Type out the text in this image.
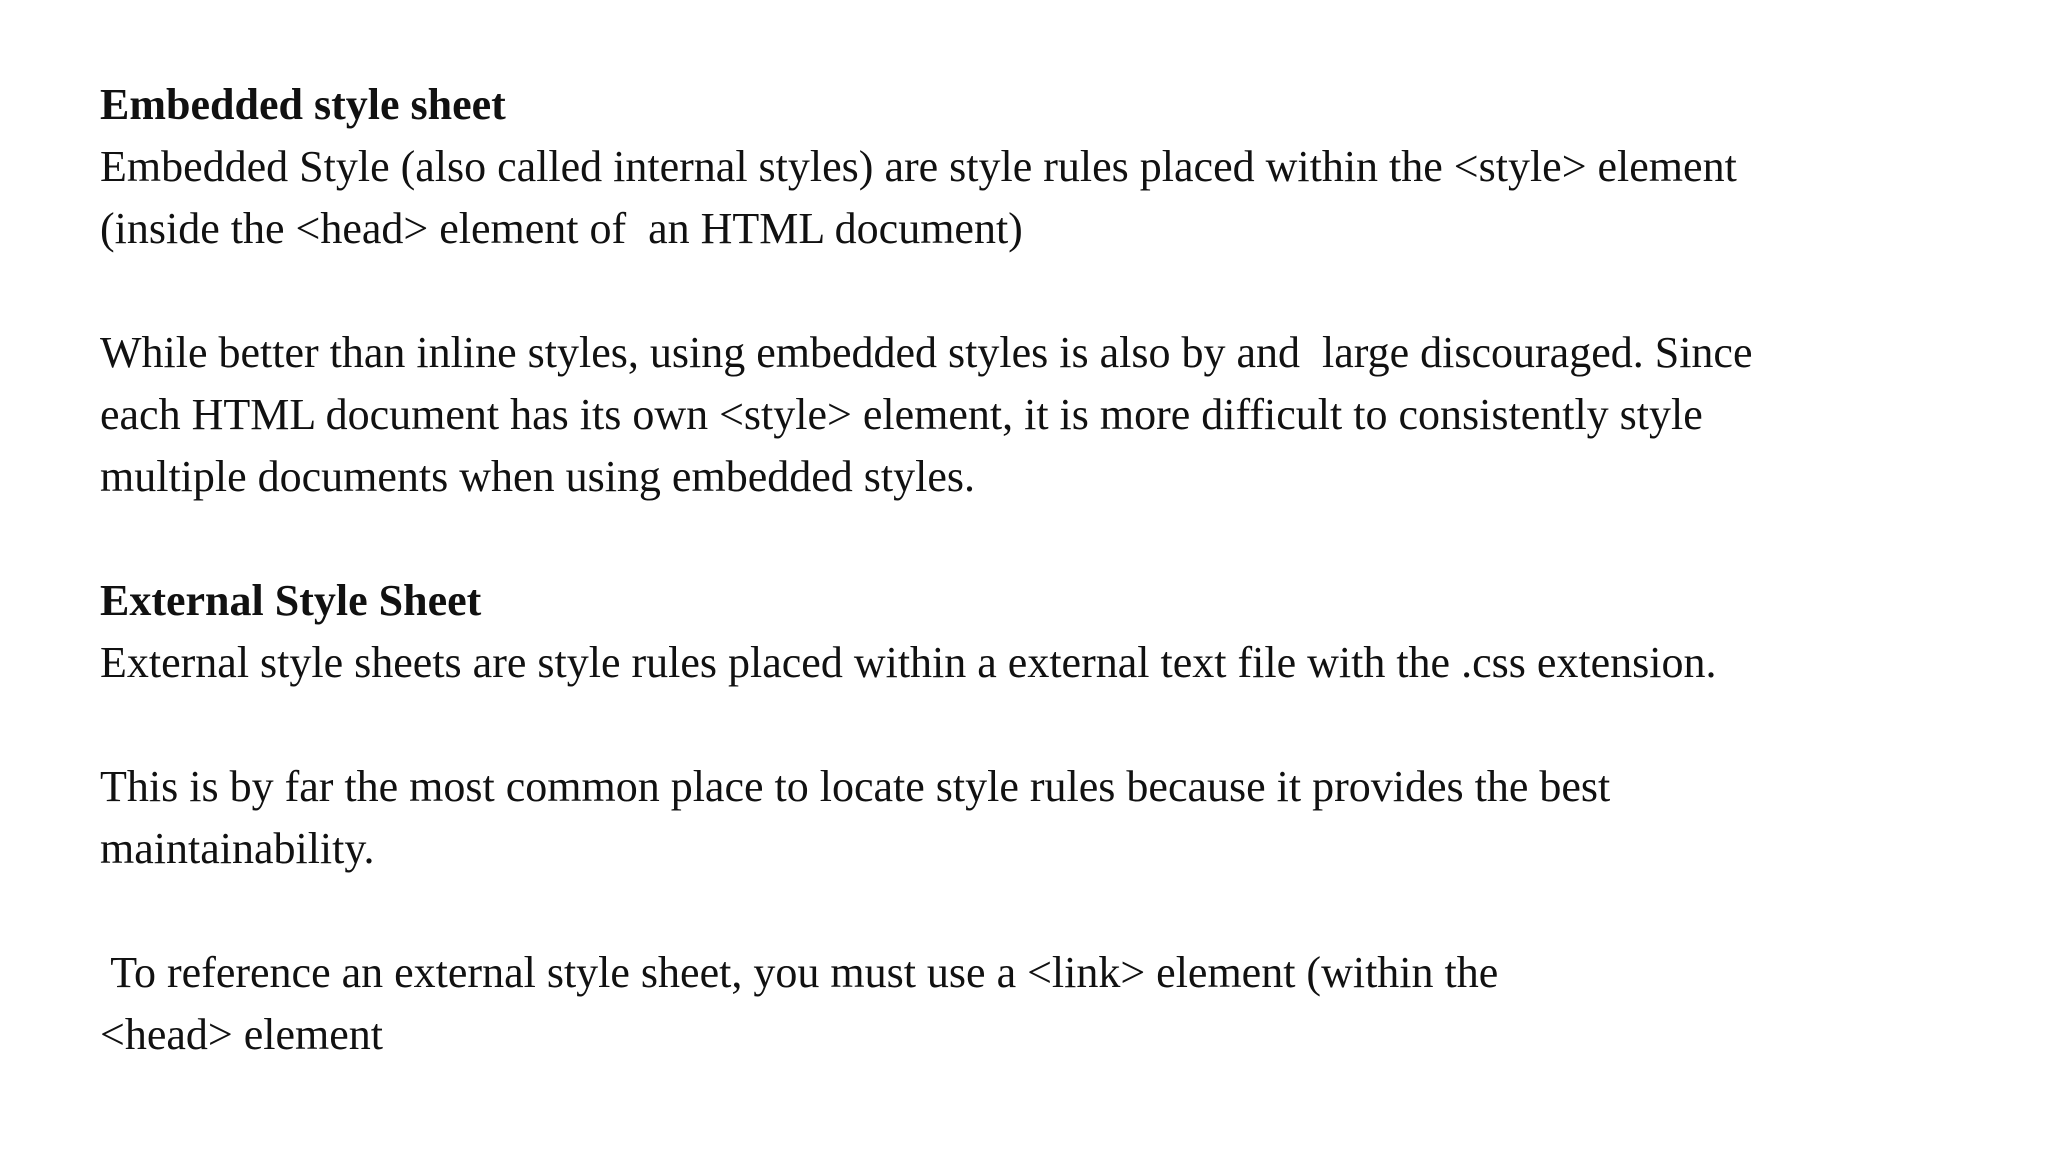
Embedded style sheet
Embedded Style (also called internal styles) are style rules placed within the <style> element
(inside the <head> element of  an HTML document)
While better than inline styles, using embedded styles is also by and  large discouraged. Since
each HTML document has its own <style> element, it is more difficult to consistently style
multiple documents when using embedded styles.
External Style Sheet
External style sheets are style rules placed within a external text file with the .css extension.
This is by far the most common place to locate style rules because it provides the best
maintainability.
To reference an external style sheet, you must use a <link> element (within the
<head> element
